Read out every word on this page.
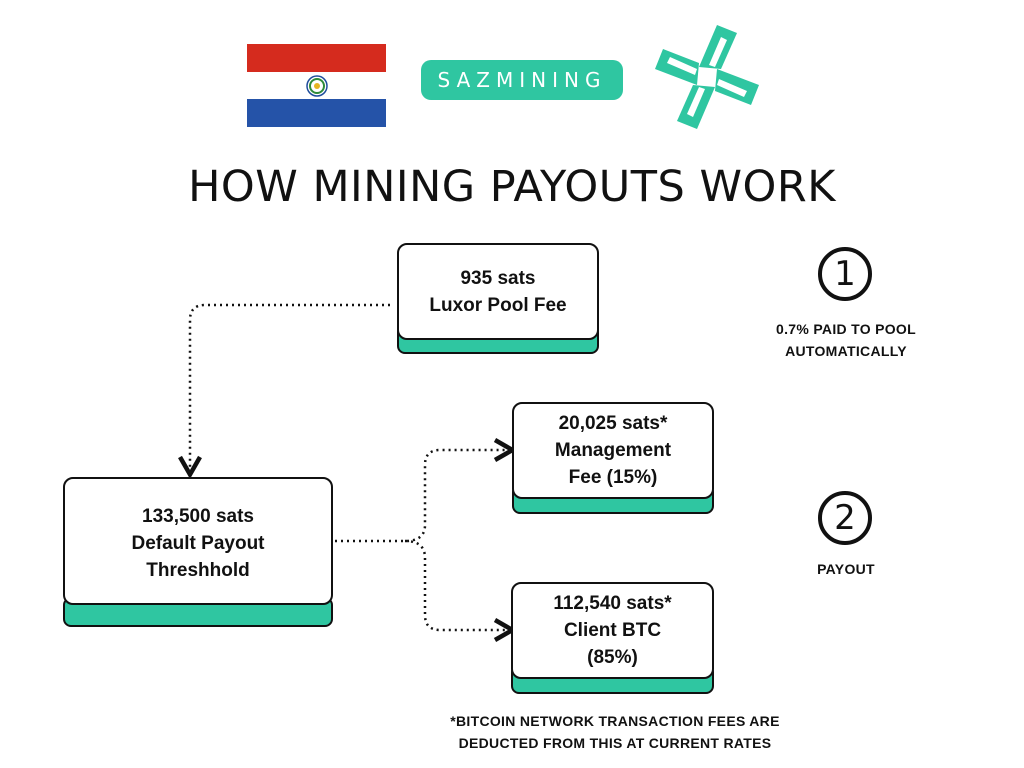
SAZMINING
HOW MINING PAYOUTS WORK
935 sats
Luxor Pool Fee
133,500 sats
Default Payout
Threshhold
20,025 sats*
Management
Fee (15%)
112,540 sats*
Client BTC
(85%)
1
0.7% PAID TO POOL
AUTOMATICALLY
2
PAYOUT
*BITCOIN NETWORK TRANSACTION FEES ARE
DEDUCTED FROM THIS AT CURRENT RATES
